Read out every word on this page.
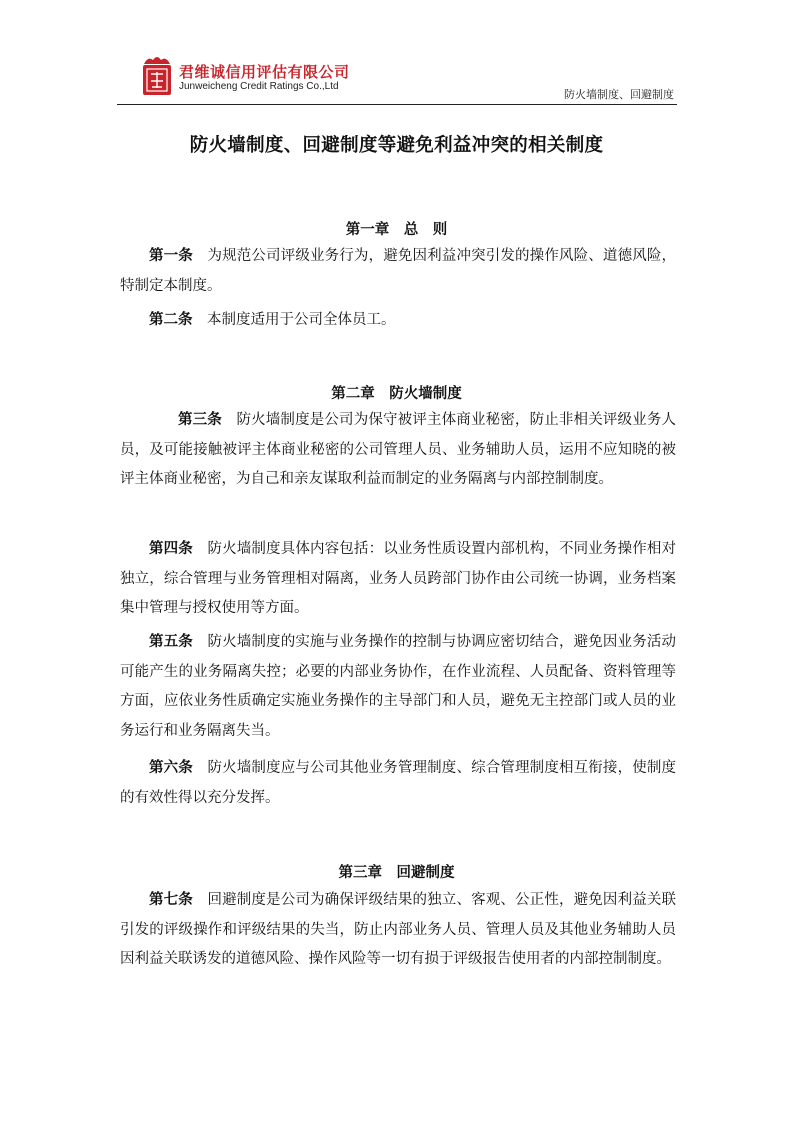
君维诚信用评估有限公司
Junweicheng Credit Ratings Co.,Ltd
防火墙制度、回避制度
防火墙制度、回避制度等避免利益冲突的相关制度
第一章　总　则

第一条 为规范公司评级业务行为，避免因利益冲突引发的操作风险、道德风险，特制定本制度。

第二条 本制度适用于公司全体员工。

第二章　防火墙制度

第三条 防火墙制度是公司为保守被评主体商业秘密，防止非相关评级业务人员，及可能接触被评主体商业秘密的公司管理人员、业务辅助人员，运用不应知晓的被评主体商业秘密，为自己和亲友谋取利益而制定的业务隔离与内部控制制度。

第四条 防火墙制度具体内容包括：以业务性质设置内部机构，不同业务操作相对独立，综合管理与业务管理相对隔离，业务人员跨部门协作由公司统一协调，业务档案集中管理与授权使用等方面。

第五条 防火墙制度的实施与业务操作的控制与协调应密切结合，避免因业务活动可能产生的业务隔离失控；必要的内部业务协作，在作业流程、人员配备、资料管理等方面，应依业务性质确定实施业务操作的主导部门和人员，避免无主控部门或人员的业务运行和业务隔离失当。

第六条 防火墙制度应与公司其他业务管理制度、综合管理制度相互衔接，使制度的有效性得以充分发挥。

第三章　回避制度

第七条 回避制度是公司为确保评级结果的独立、客观、公正性，避免因利益关联引发的评级操作和评级结果的失当，防止内部业务人员、管理人员及其他业务辅助人员因利益关联诱发的道德风险、操作风险等一切有损于评级报告使用者的内部控制制度。
